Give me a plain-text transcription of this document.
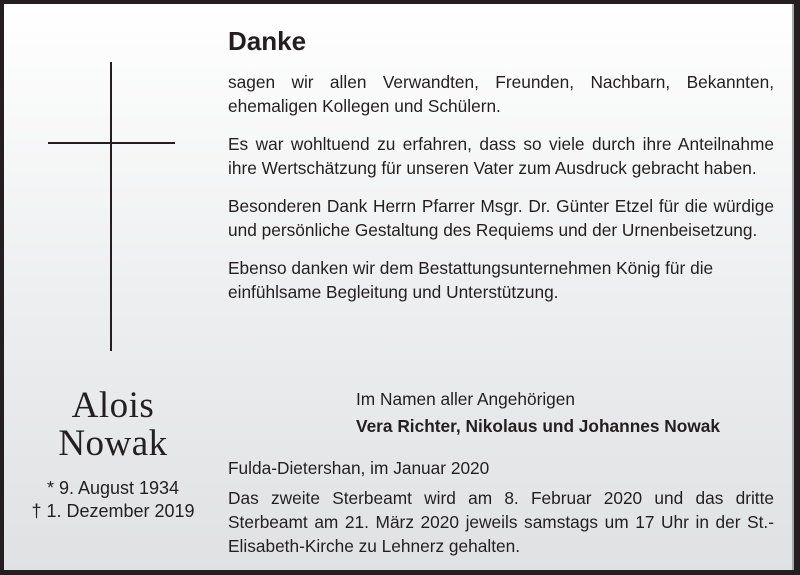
Alois
Nowak
* 9. August 1934
† 1. Dezember 2019
Danke

sagen wir allen Verwandten, Freunden, Nachbarn, Bekannten, ehemaligen Kollegen und Schülern.

Es war wohltuend zu erfahren, dass so viele durch ihre Anteilnahme ihre Wertschätzung für unseren Vater zum Ausdruck gebracht haben.

Besonderen Dank Herrn Pfarrer Msgr. Dr. Günter Etzel für die würdige und persönliche Gestaltung des Requiems und der Urnenbeisetzung.

Ebenso danken wir dem Bestattungsunternehmen König für die einfühlsame Begleitung und Unterstützung.

Im Namen aller Angehörigen
Vera Richter, Nikolaus und Johannes Nowak
Fulda-Dietershan, im Januar 2020
Das zweite Sterbeamt wird am 8. Februar 2020 und das dritte Sterbeamt am 21. März 2020 jeweils samstags um 17 Uhr in der St.-Elisabeth-Kirche zu Lehnerz gehalten.
